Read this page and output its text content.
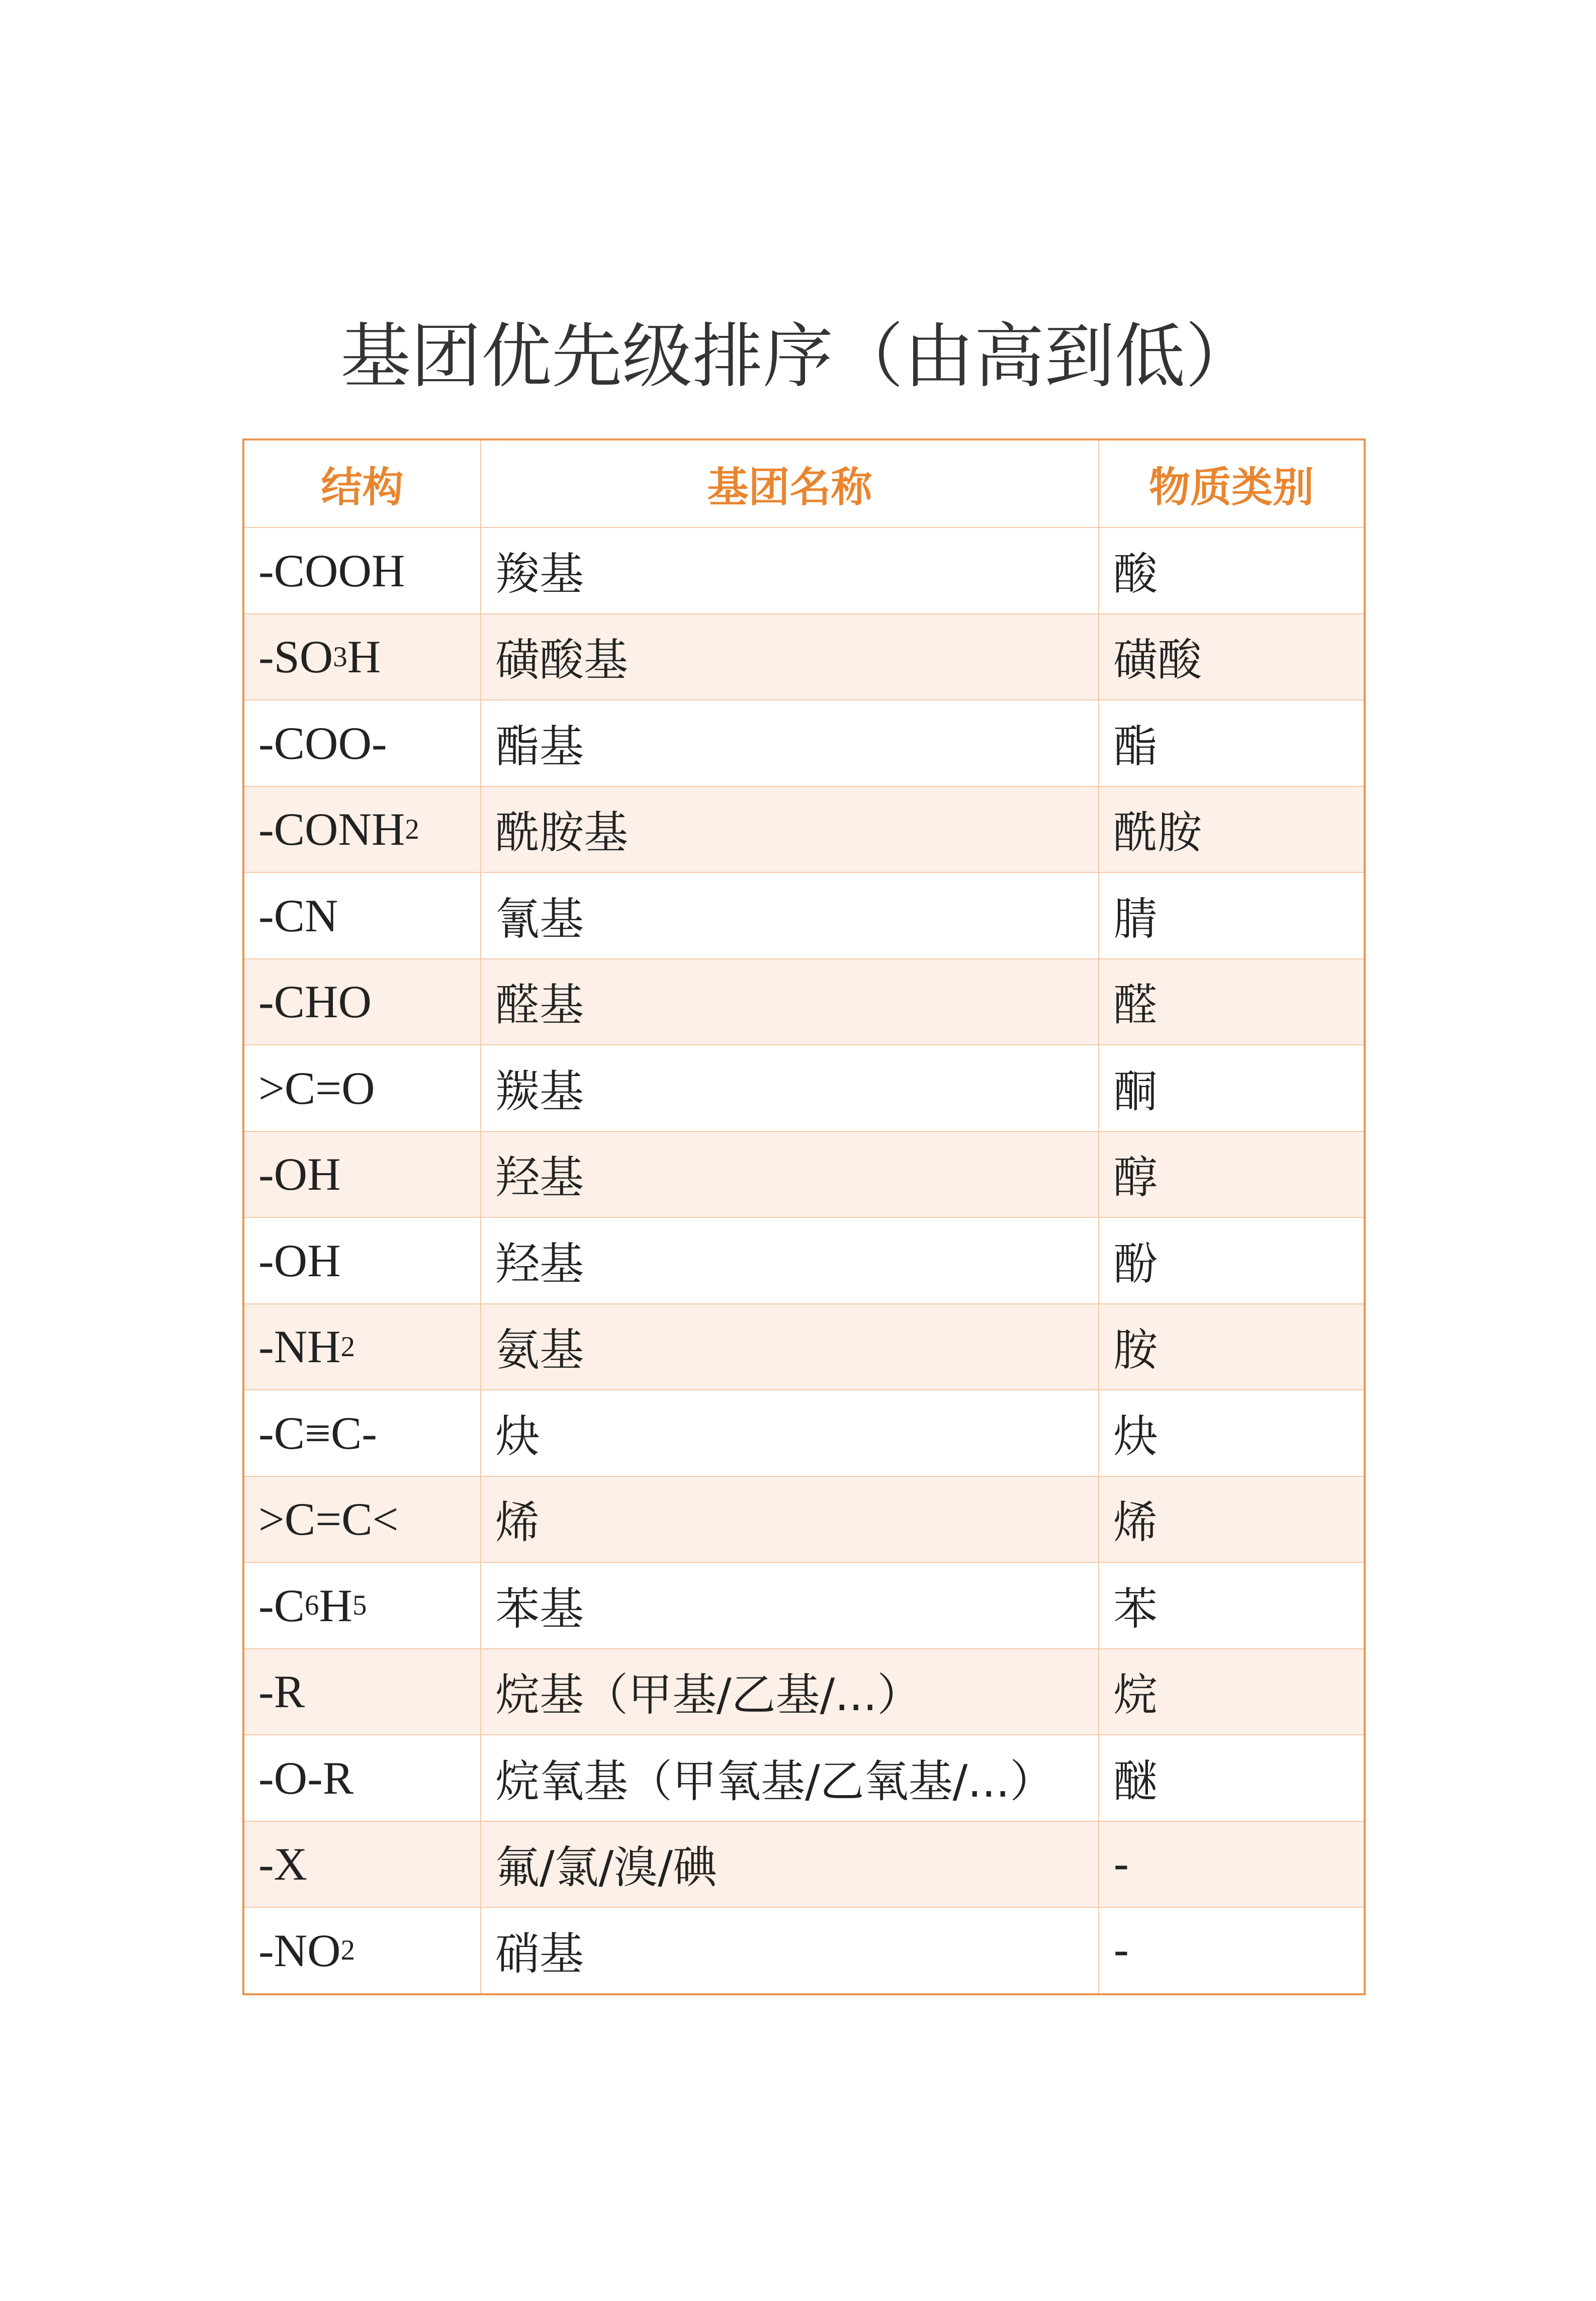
基团优先级排序（由高到低）
结构	基团名称	物质类别
-COOH	羧基	酸
-SO 3 H	磺酸基	磺酸
-COO-	酯基	酯
-CONH 2	酰胺基	酰胺
-CN	氰基	腈
-CHO	醛基	醛
>C=O	羰基	酮
-OH	羟基	醇
-OH	羟基	酚
-NH 2	氨基	胺
-C≡C-	炔	炔
>C=C<	烯	烯
-C 6 H 5	苯基	苯
-R	烷基（甲基/乙基/...）	烷
-O-R	烷氧基（甲氧基/乙氧基/...）	醚
-X	氟/氯/溴/碘	-
-NO 2	硝基	-
